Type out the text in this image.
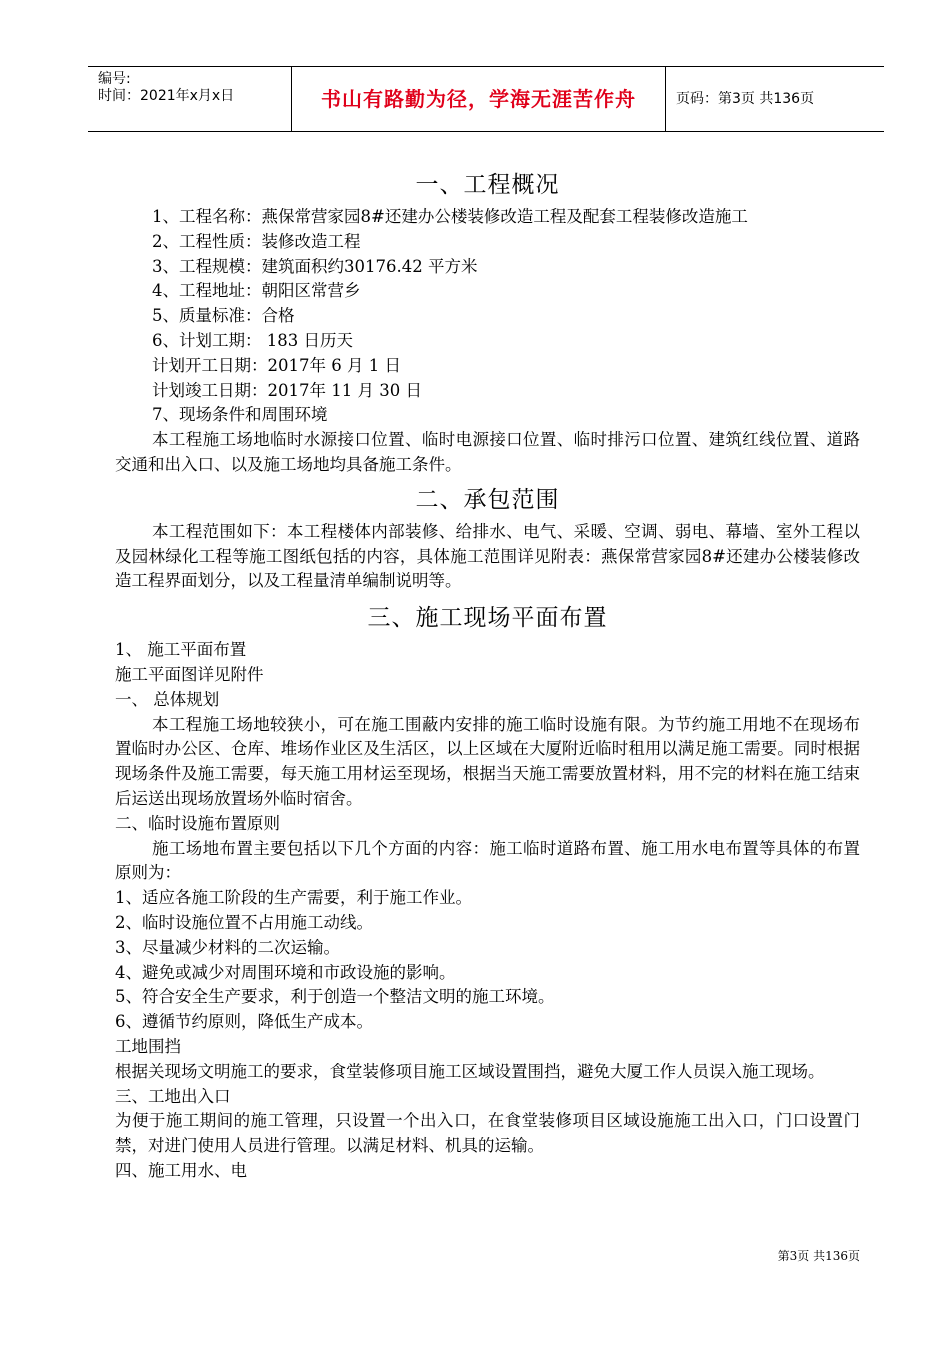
编号:
时间：2021年x月x日	书山有路勤为径，学海无涯苦作舟	页码：第3页 共136页
一、工程概况

1、工程名称：燕保常营家园8#还建办公楼装修改造工程及配套工程装修改造施工

2、工程性质：装修改造工程

3、工程规模：建筑面积约30176.42 平方米

4、工程地址：朝阳区常营乡

5、质量标准：合格

6、计划工期： 183 日历天

计划开工日期：2017年 6 月 1 日

计划竣工日期：2017年 11 月 30 日

7、现场条件和周围环境

本工程施工场地临时水源接口位置、临时电源接口位置、临时排污口位置、建筑红线位置、道路交通和出入口、以及施工场地均具备施工条件。

二、承包范围

本工程范围如下：本工程楼体内部装修、给排水、电气、采暖、空调、弱电、幕墙、室外工程以及园林绿化工程等施工图纸包括的内容，具体施工范围详见附表：燕保常营家园8#还建办公楼装修改造工程界面划分，以及工程量清单编制说明等。

三、施工现场平面布置

1、 施工平面布置

施工平面图详见附件

一、 总体规划

本工程施工场地较狭小，可在施工围蔽内安排的施工临时设施有限。为节约施工用地不在现场布置临时办公区、仓库、堆场作业区及生活区，以上区域在大厦附近临时租用以满足施工需要。同时根据现场条件及施工需要，每天施工用材运至现场，根据当天施工需要放置材料，用不完的材料在施工结束后运送出现场放置场外临时宿舍。

二、临时设施布置原则

施工场地布置主要包括以下几个方面的内容：施工临时道路布置、施工用水电布置等具体的布置原则为：

1、适应各施工阶段的生产需要，利于施工作业。

2、临时设施位置不占用施工动线。

3、尽量减少材料的二次运输。

4、避免或减少对周围环境和市政设施的影响。

5、符合安全生产要求，利于创造一个整洁文明的施工环境。

6、遵循节约原则，降低生产成本。

工地围挡

根据关现场文明施工的要求，食堂装修项目施工区域设置围挡，避免大厦工作人员误入施工现场。

三、工地出入口

为便于施工期间的施工管理，只设置一个出入口，在食堂装修项目区域设施施工出入口，门口设置门禁，对进门使用人员进行管理。以满足材料、机具的运输。

四、施工用水、电

第3页 共136页
